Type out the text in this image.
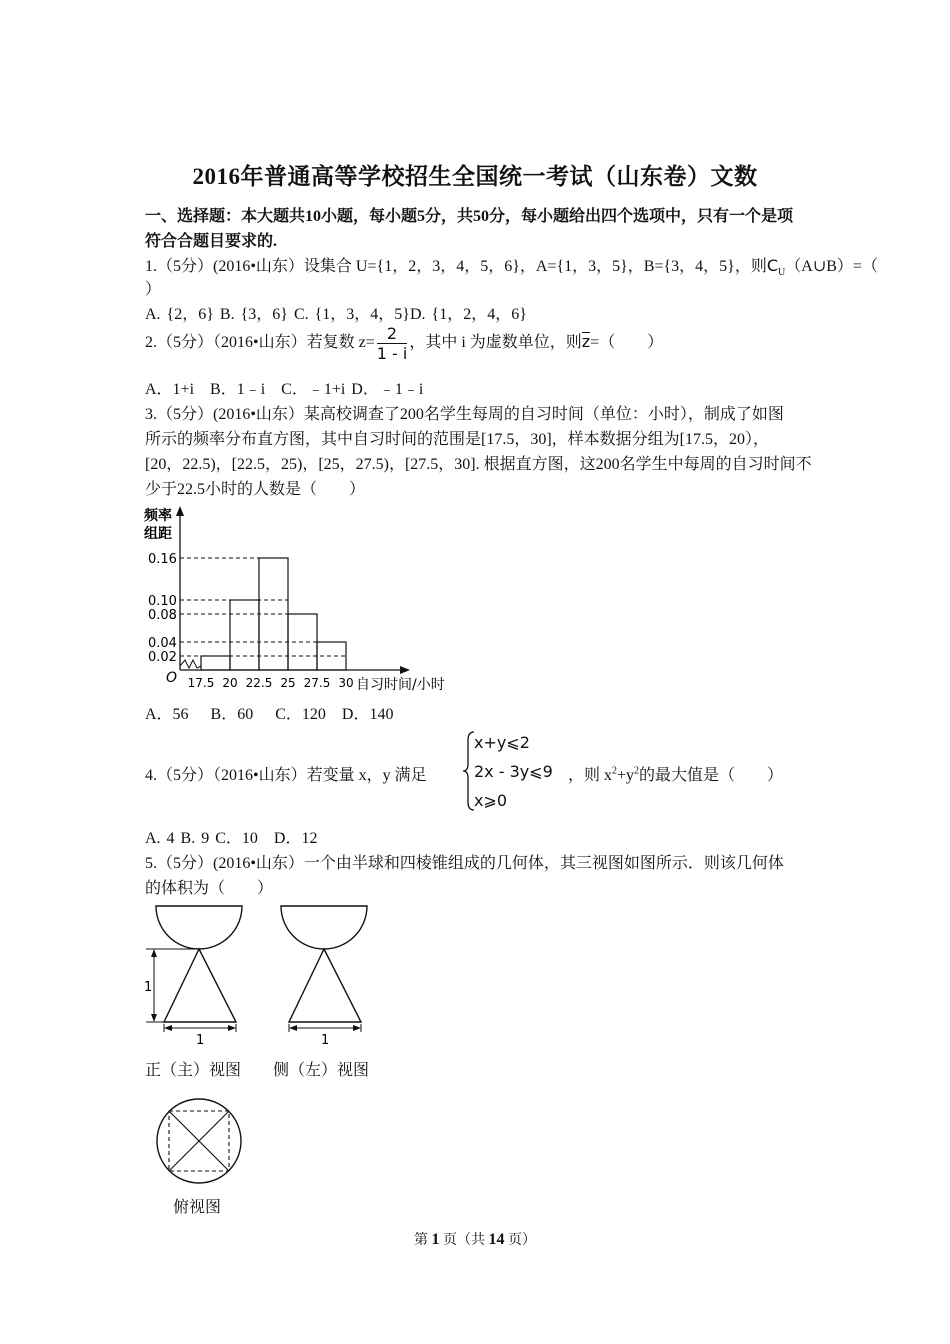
2016年普通高等学校招生全国统一考试（山东卷）文数
一、选择题：本大题共10小题，每小题5分，共50分，每小题给出四个选项中，只有一个是项
符合合题目要求的.
1.（5分）(2016•山东）设集合 U={1，2，3，4，5，6}，A={1，3，5}，B={3，4，5}，则$C_U(A\cup B)=$（
）
A. {2，6} B. {3，6} C. {1，3，4，5}D. {1，2，4，6}
2.（5分）（2016•山东）若复数 $z= \frac{2}{1 - i}$ ，其中 i 为虚数单位，则z=（　　）
A．1+i　B．1﹣i　C．﹣1+i D．﹣1﹣i
3.（5分）(2016•山东）某高校调查了200名学生每周的自习时间（单位：小时），制成了如图
所示的频率分布直方图，其中自习时间的范围是[17.5，30]，样本数据分组为[17.5，20），
[20，22.5)，[22.5，25)，[25，27.5)，[27.5，30]. 根据直方图，这200名学生中每周的自习时间不
少于22.5小时的人数是（　　）
频率
组距
O	自习时间/小时
0.02
0.04
0.08
0.10
0.16
17.5 20 22.5 25 27.5 30
A．56　 B．60　 C．120　D．140
4.（5分）（2016•山东）若变量 x，y 满足
x+y⩽2
2x - 3y⩽9
x⩾0
，则 $x^2+y^2$的最大值是（　　）
A. 4 B. 9 C．10　D．12
5.（5分）(2016•山东）一个由半球和四棱锥组成的几何体，其三视图如图所示．则该几何体
的体积为（　　）
1
1	1
正（主）视图 侧（左）视图
俯视图
第 1 页（共 14 页）
